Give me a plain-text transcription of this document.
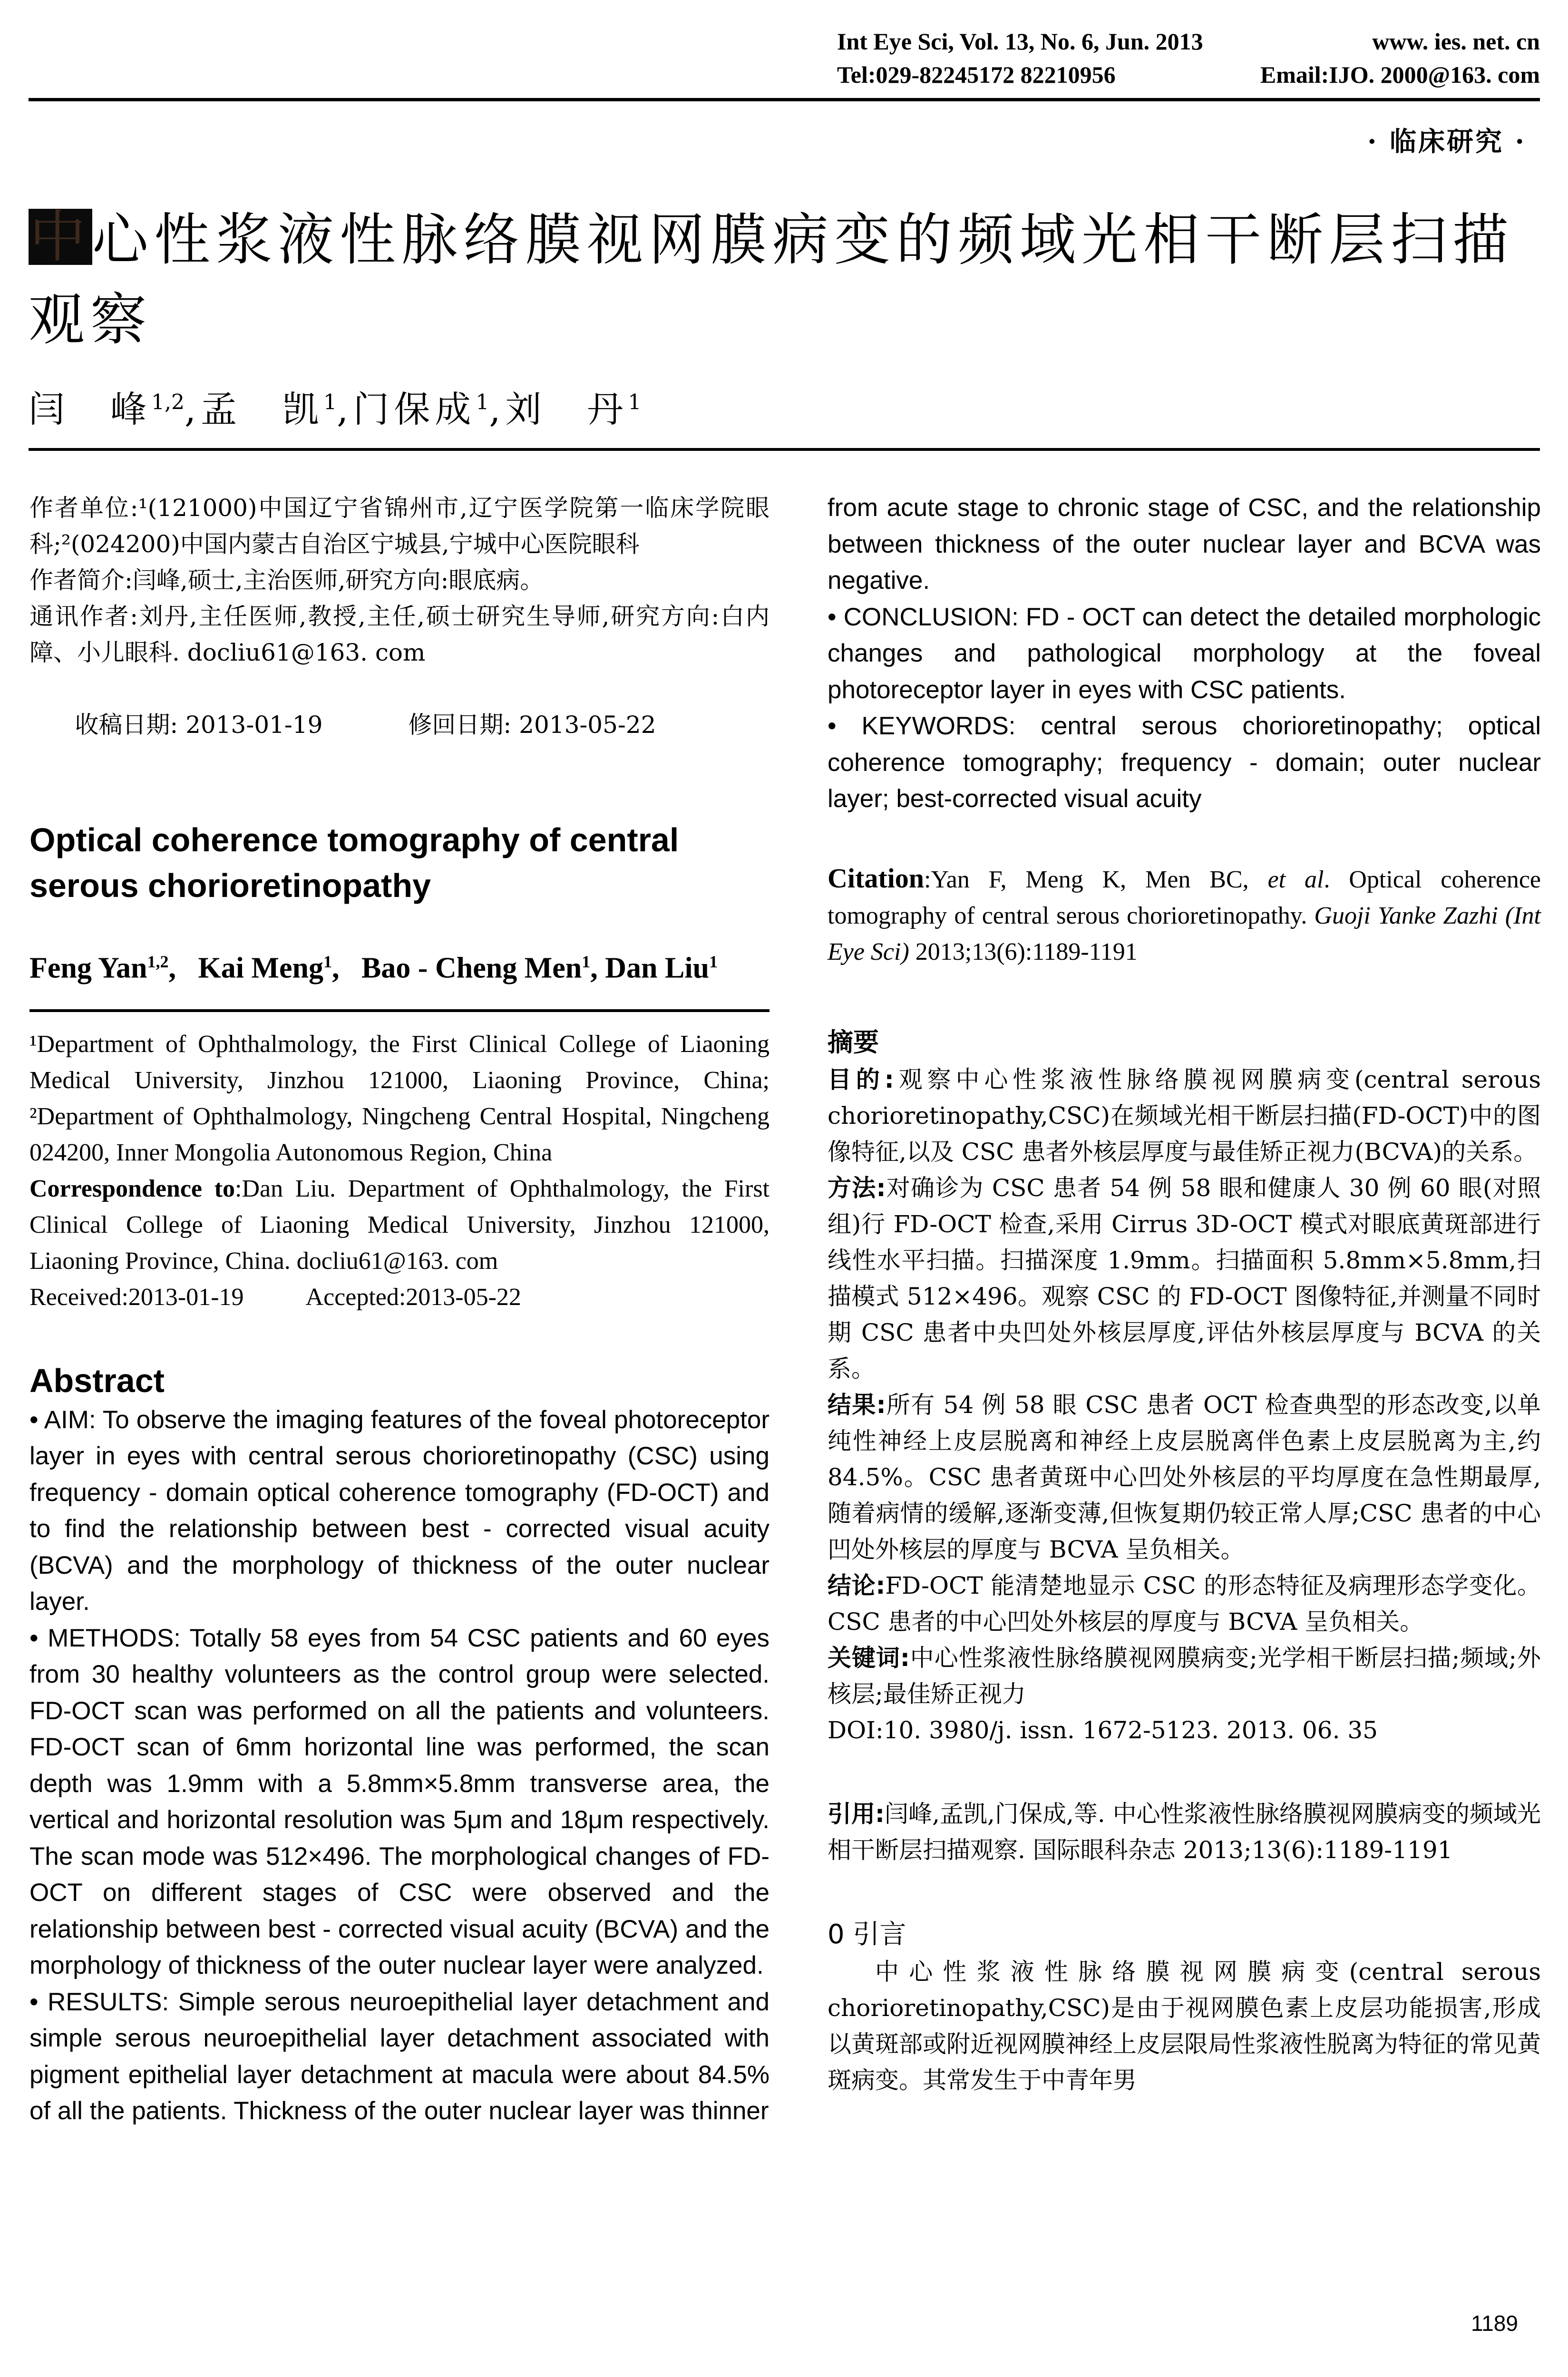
Int Eye Sci, Vol. 13, No. 6, Jun. 2013	www. ies. net. cn
Tel:029-82245172 82210956	Email:IJO. 2000@163. com
· 临床研究 ·
中心性浆液性脉络膜视网膜病变的频域光相干断层扫描观察
闫　峰$^{1,2}$,孟　凯$^1$,门保成$^1$,刘　丹$^1$

作者单位:¹(121000)中国辽宁省锦州市,辽宁医学院第一临床学院眼科;²(024200)中国内蒙古自治区宁城县,宁城中心医院眼科

作者简介:闫峰,硕士,主治医师,研究方向:眼底病。

通讯作者:刘丹,主任医师,教授,主任,硕士研究生导师,研究方向:白内障、小儿眼科. docliu61@163. com

收稿日期: 2013-01-19	修回日期: 2013-05-22

Optical coherence tomography of central serous chorioretinopathy
Feng Yan$^{1,2}$,   Kai Meng$^1$,   Bao - Cheng Men$^1$, Dan Liu$^1$

¹Department of Ophthalmology, the First Clinical College of Liaoning Medical University, Jinzhou 121000, Liaoning Province, China; ²Department of Ophthalmology, Ningcheng Central Hospital, Ningcheng 024200, Inner Mongolia Autonomous Region, China

Correspondence to:Dan Liu. Department of Ophthalmology, the First Clinical College of Liaoning Medical University, Jinzhou 121000, Liaoning Province, China. docliu61@163. com

Received:2013-01-19	Accepted:2013-05-22

Abstract

• AIM: To observe the imaging features of the foveal photoreceptor layer in eyes with central serous chorioretinopathy (CSC) using frequency - domain optical coherence tomography (FD-OCT) and to find the relationship between best - corrected visual acuity (BCVA) and the morphology of thickness of the outer nuclear layer.

• METHODS: Totally 58 eyes from 54 CSC patients and 60 eyes from 30 healthy volunteers as the control group were selected. FD-OCT scan was performed on all the patients and volunteers. FD-OCT scan of 6mm horizontal line was performed, the scan depth was 1.9mm with a 5.8mm×5.8mm transverse area, the vertical and horizontal resolution was 5μm and 18μm respectively. The scan mode was 512×496. The morphological changes of FD-OCT on different stages of CSC were observed and the relationship between best - corrected visual acuity (BCVA) and the morphology of thickness of the outer nuclear layer were analyzed.

• RESULTS: Simple serous neuroepithelial layer detachment and simple serous neuroepithelial layer detachment associated with pigment epithelial layer detachment at macula were about 84.5% of all the patients. Thickness of the outer nuclear layer was thinner

from acute stage to chronic stage of CSC, and the relationship between thickness of the outer nuclear layer and BCVA was negative.

• CONCLUSION: FD - OCT can detect the detailed morphologic changes and pathological morphology at the foveal photoreceptor layer in eyes with CSC patients.

• KEYWORDS: central serous chorioretinopathy; optical coherence tomography; frequency - domain; outer nuclear layer; best-corrected visual acuity

Citation:Yan F, Meng K, Men BC, et al. Optical coherence tomography of central serous chorioretinopathy. Guoji Yanke Zazhi (Int Eye Sci) 2013;13(6):1189-1191

摘要

目的:观察中心性浆液性脉络膜视网膜病变(central serous chorioretinopathy,CSC)在频域光相干断层扫描(FD-OCT)中的图像特征,以及 CSC 患者外核层厚度与最佳矫正视力(BCVA)的关系。

方法:对确诊为 CSC 患者 54 例 58 眼和健康人 30 例 60 眼(对照组)行 FD-OCT 检查,采用 Cirrus 3D-OCT 模式对眼底黄斑部进行线性水平扫描。扫描深度 1.9mm。扫描面积 5.8mm×5.8mm,扫描模式 512×496。观察 CSC 的 FD-OCT 图像特征,并测量不同时期 CSC 患者中央凹处外核层厚度,评估外核层厚度与 BCVA 的关系。

结果:所有 54 例 58 眼 CSC 患者 OCT 检查典型的形态改变,以单纯性神经上皮层脱离和神经上皮层脱离伴色素上皮层脱离为主,约 84.5%。CSC 患者黄斑中心凹处外核层的平均厚度在急性期最厚,随着病情的缓解,逐渐变薄,但恢复期仍较正常人厚;CSC 患者的中心凹处外核层的厚度与 BCVA 呈负相关。

结论:FD-OCT 能清楚地显示 CSC 的形态特征及病理形态学变化。CSC 患者的中心凹处外核层的厚度与 BCVA 呈负相关。

关键词:中心性浆液性脉络膜视网膜病变;光学相干断层扫描;频域;外核层;最佳矫正视力

DOI:10. 3980/j. issn. 1672-5123. 2013. 06. 35

引用:闫峰,孟凯,门保成,等. 中心性浆液性脉络膜视网膜病变的频域光相干断层扫描观察. 国际眼科杂志 2013;13(6):1189-1191

0 引言

中心性浆液性脉络膜视网膜病变(central serous chorioretinopathy,CSC)是由于视网膜色素上皮层功能损害,形成以黄斑部或附近视网膜神经上皮层限局性浆液性脱离为特征的常见黄斑病变。其常发生于中青年男

1189
